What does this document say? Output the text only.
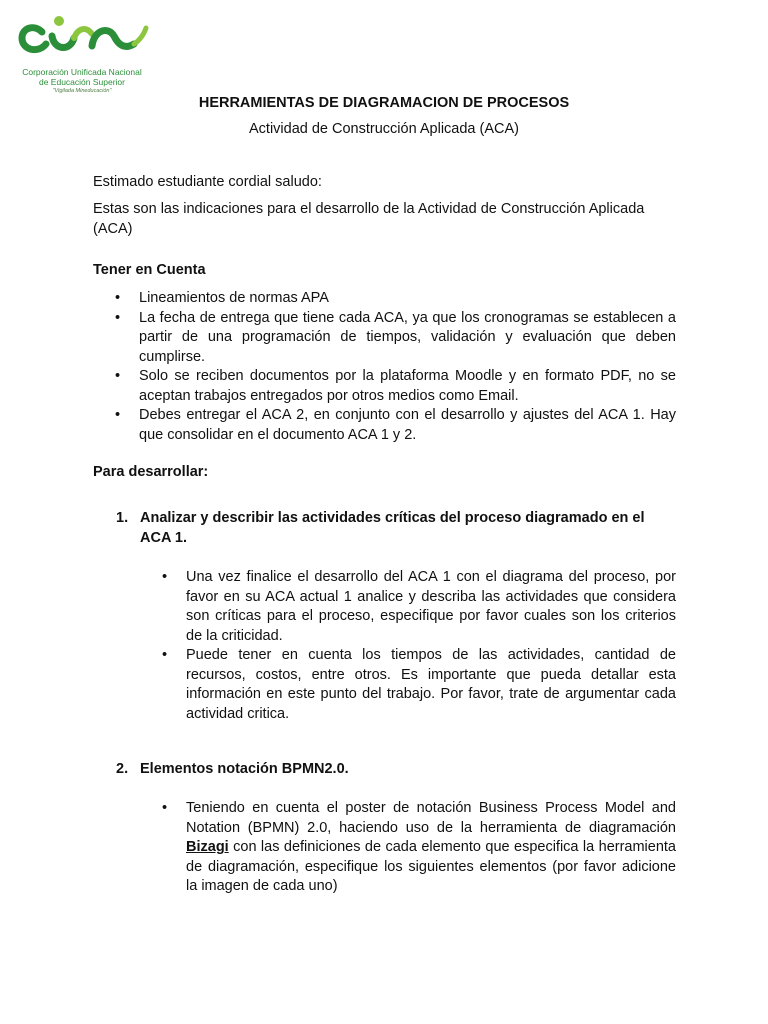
Corporación Unificada Nacional
de Educación Superior
"Vigilada Mineducación"
HERRAMIENTAS DE DIAGRAMACION DE PROCESOS
Actividad de Construcción Aplicada (ACA)
Estimado estudiante cordial saludo:
Estas son las indicaciones para el desarrollo de la Actividad de Construcción Aplicada (ACA)
Tener en Cuenta
• Lineamientos de normas APA
• La fecha de entrega que tiene cada ACA, ya que los cronogramas se establecen a partir de una programación de tiempos, validación y evaluación que deben cumplirse.
• Solo se reciben documentos por la plataforma Moodle y en formato PDF, no se aceptan trabajos entregados por otros medios como Email.
• Debes entregar el ACA 2, en conjunto con el desarrollo y ajustes del ACA 1. Hay que consolidar en el documento ACA 1 y 2.
Para desarrollar:
1. Analizar y describir las actividades críticas del proceso diagramado en el ACA 1.
• Una vez finalice el desarrollo del ACA 1 con el diagrama del proceso, por favor en su ACA actual 1 analice y describa las actividades que considera son críticas para el proceso, especifique por favor cuales son los criterios de la criticidad.
• Puede tener en cuenta los tiempos de las actividades, cantidad de recursos, costos, entre otros. Es importante que pueda detallar esta información en este punto del trabajo. Por favor, trate de argumentar cada actividad critica.
2. Elementos notación BPMN2.0.
• Teniendo en cuenta el poster de notación Business Process Model and Notation (BPMN) 2.0, haciendo uso de la herramienta de diagramación Bizagi con las definiciones de cada elemento que especifica la herramienta de diagramación, especifique los siguientes elementos (por favor adicione la imagen de cada uno)
